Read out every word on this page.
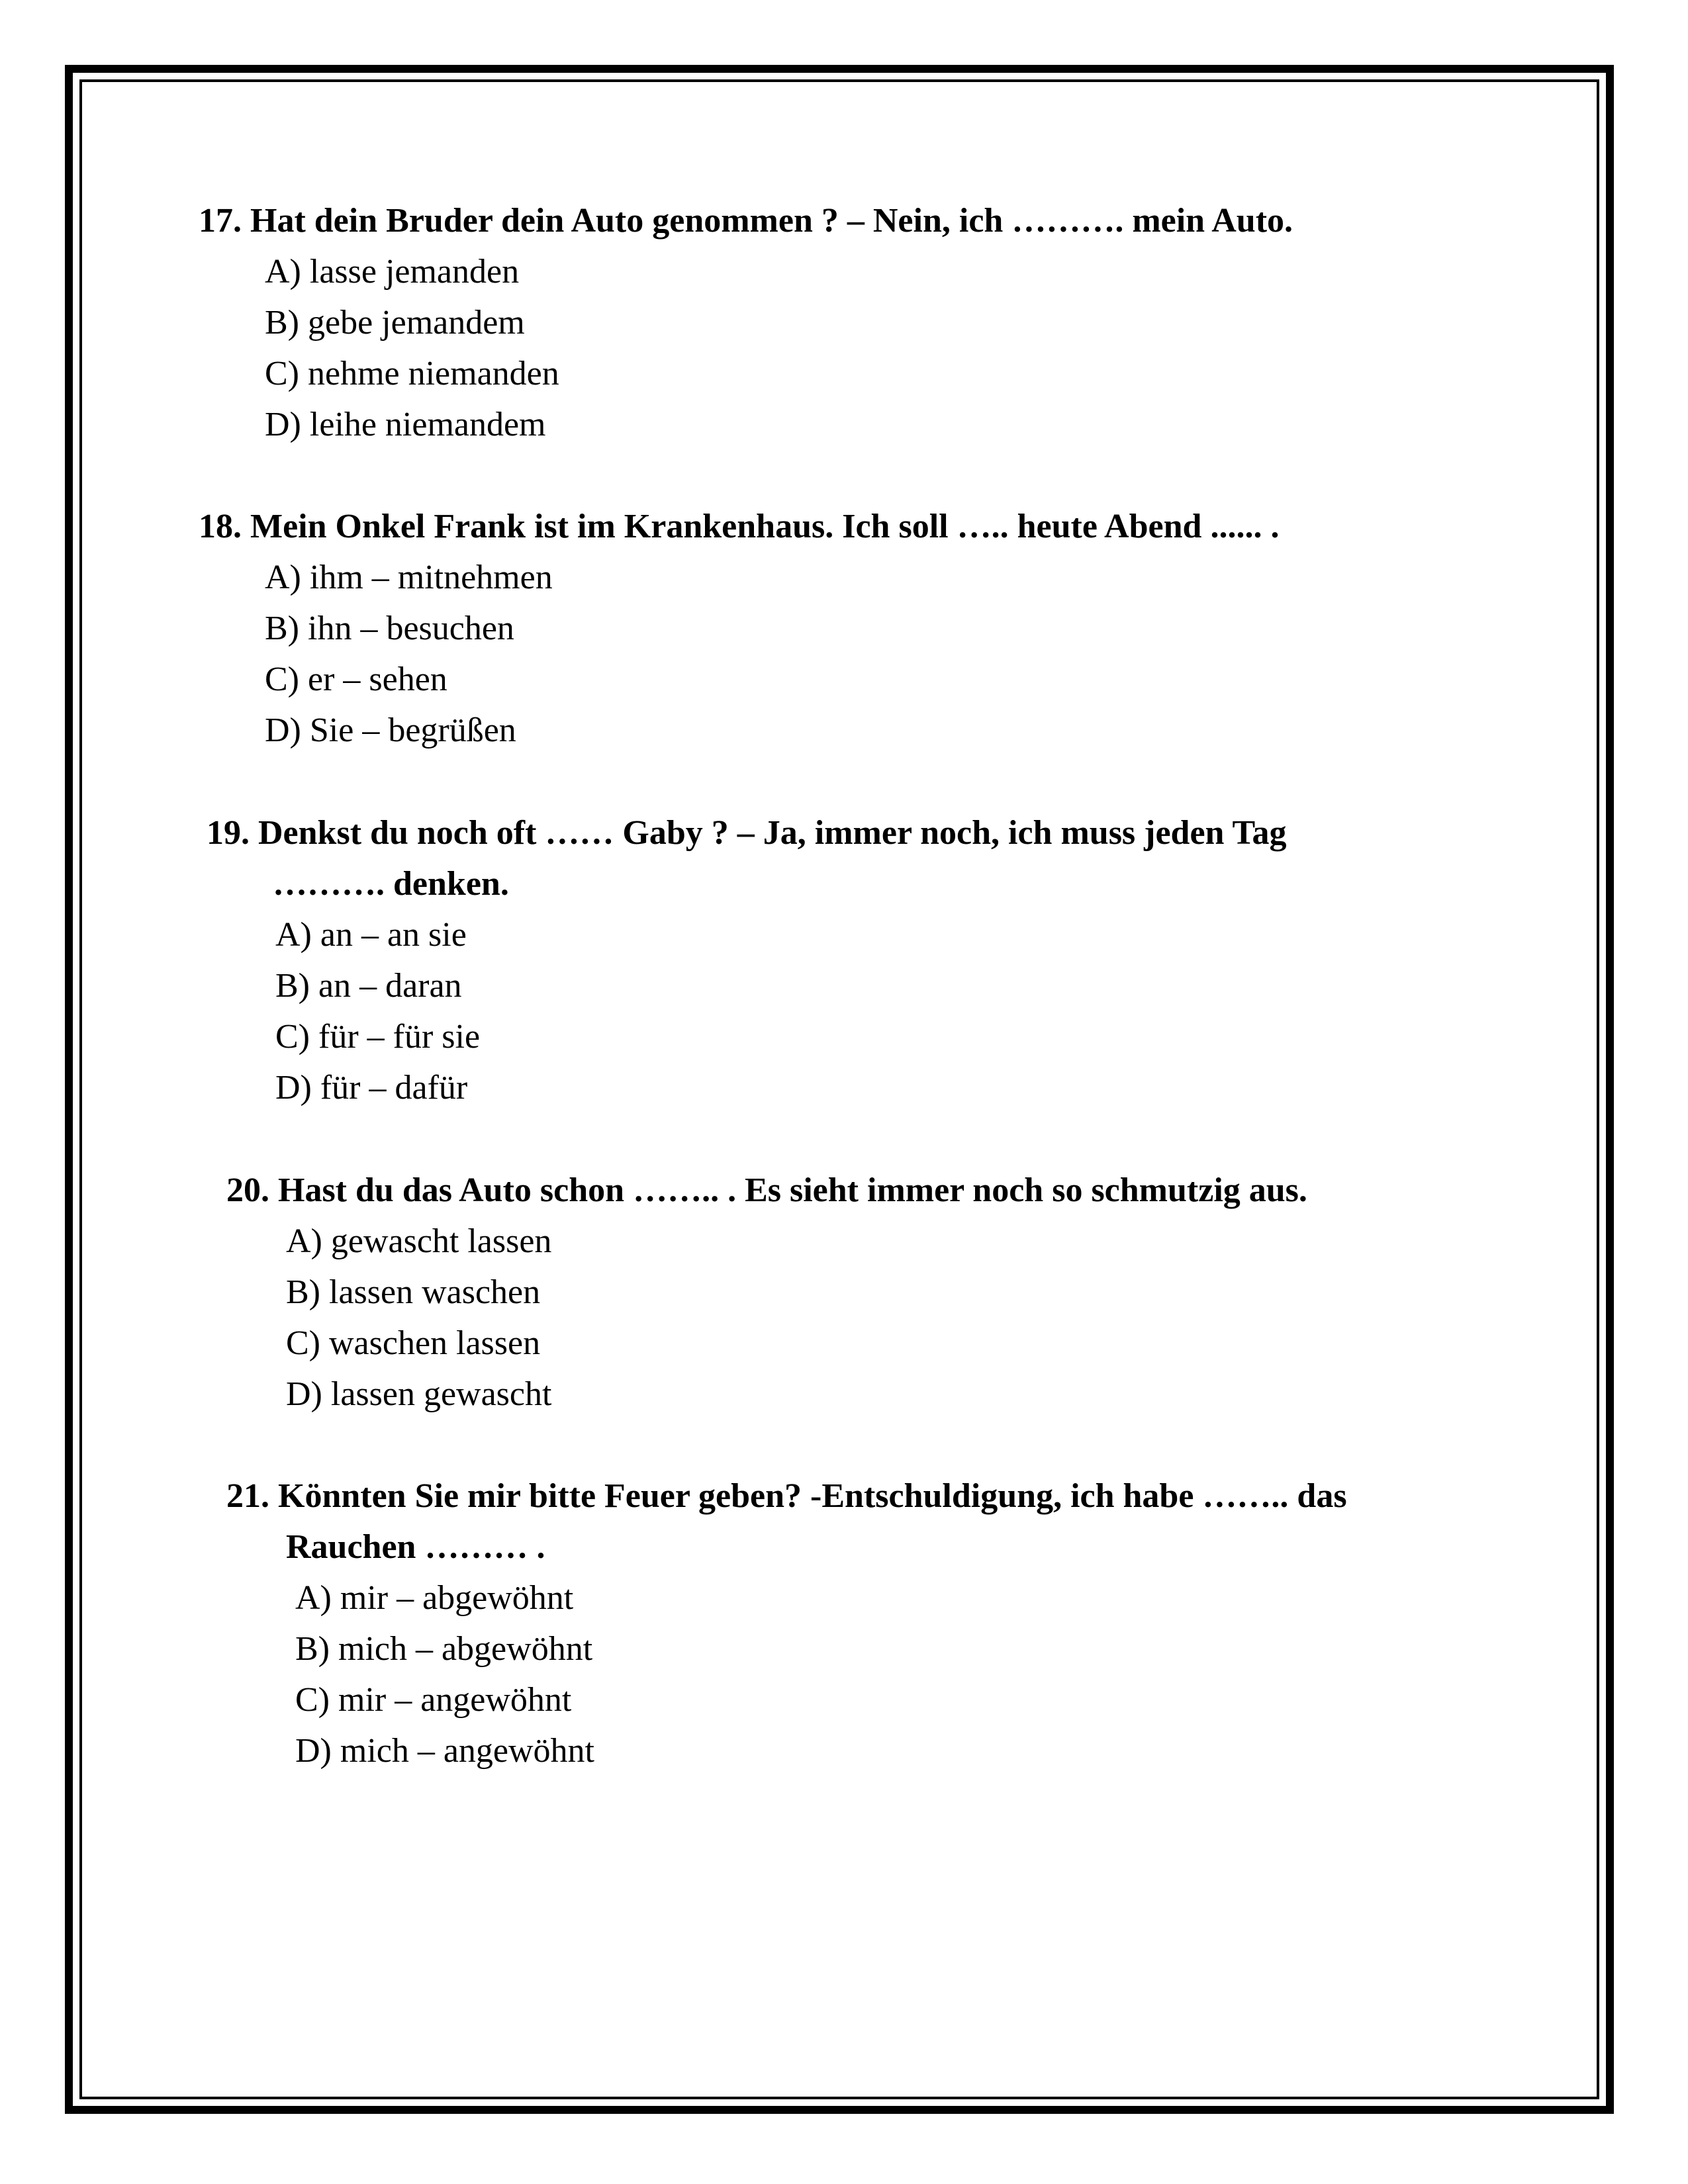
17. Hat dein Bruder dein Auto genommen ? – Nein, ich ………. mein Auto.

A) lasse jemanden
B) gebe jemandem
C) nehme niemanden
D) leihe niemandem

18. Mein Onkel Frank ist im Krankenhaus. Ich soll ….. heute Abend ...... .

A) ihm – mitnehmen
B) ihn – besuchen
C) er – sehen
D) Sie – begrüßen

19. Denkst du noch oft …… Gaby ? – Ja, immer noch, ich muss jeden Tag
………. denken.

A) an – an sie
B) an – daran
C) für – für sie
D) für – dafür

20. Hast du das Auto schon …….. . Es sieht immer noch so schmutzig aus.

A) gewascht lassen
B) lassen waschen
C) waschen lassen
D) lassen gewascht

21. Könnten Sie mir bitte Feuer geben? -Entschuldigung, ich habe …….. das
Rauchen ……… .

A) mir – abgewöhnt
B) mich – abgewöhnt
C) mir – angewöhnt
D) mich – angewöhnt
